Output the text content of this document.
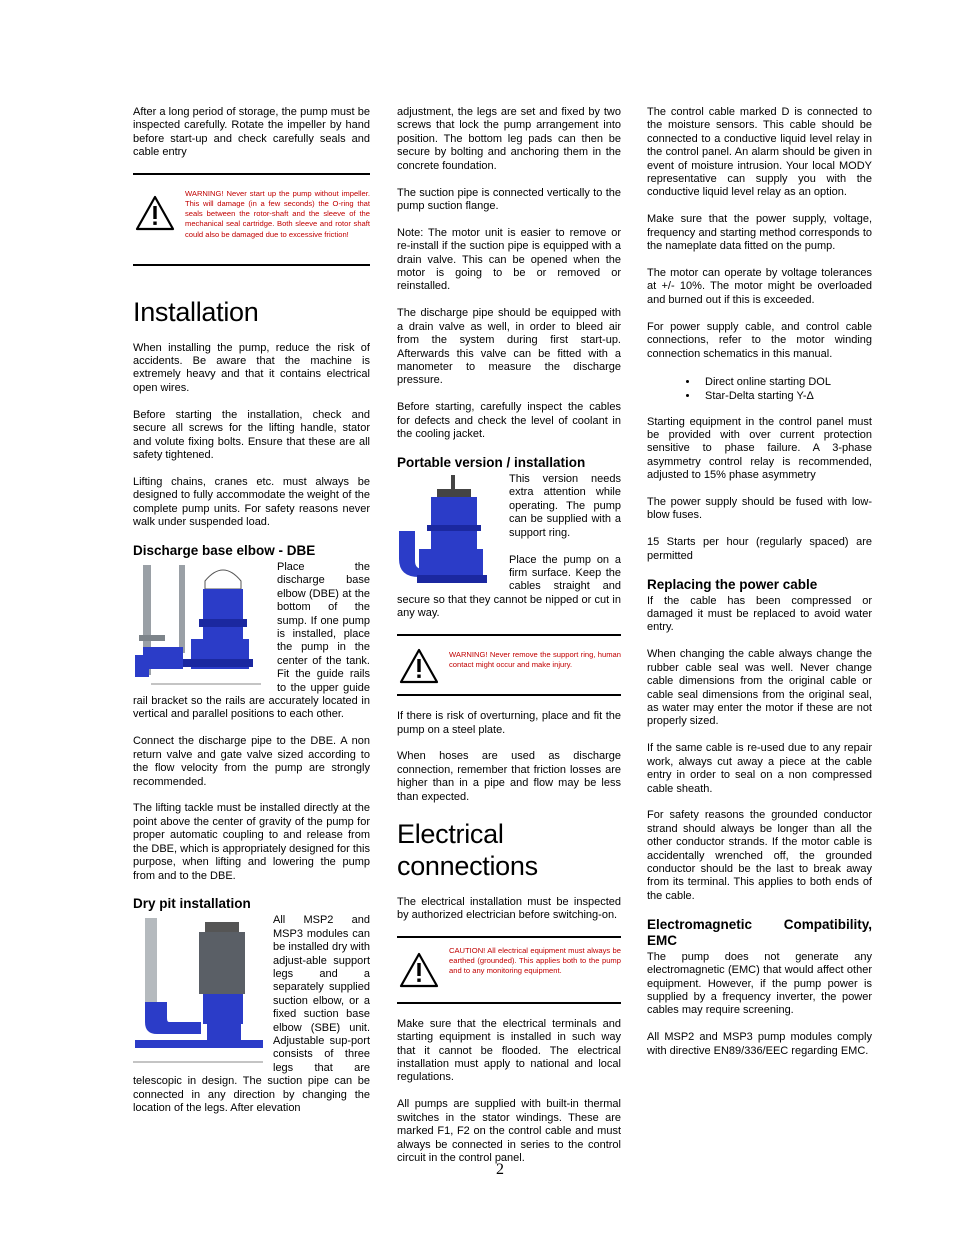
After a long period of storage, the pump must be inspected carefully. Rotate the impeller by hand before start-up and check carefully seals and cable entry

WARNING! Never start up the pump without impeller. This will damage (in a few seconds) the O-ring that seals between the rotor-shaft and the sleeve of the mechanical seal cartridge. Both sleeve and rotor shaft could also be damaged due to excessive friction!
Installation

When installing the pump, reduce the risk of accidents. Be aware that the machine is extremely heavy and that it contains electrical open wires.

Before starting the installation, check and secure all screws for the lifting handle, stator and volute fixing bolts. Ensure that these are all safety tightened.

Lifting chains, cranes etc. must always be designed to fully accommodate the weight of the complete pump units. For safety reasons never walk under suspended load.

Discharge base elbow - DBE

Place the discharge base elbow (DBE) at the bottom of the sump. If one pump is installed, place the pump in the center of the tank. Fit the guide rails to the upper guide rail bracket so the rails are accurately located in vertical and parallel positions to each other.

Connect the discharge pipe to the DBE. A non return valve and gate valve sized according to the flow velocity from the pump are strongly recommended.

The lifting tackle must be installed directly at the point above the center of gravity of the pump for proper automatic coupling to and release from the DBE, which is appropriately designed for this purpose, when lifting and lowering the pump from and to the DBE.

Dry pit installation

All MSP2 and MSP3 modules can be installed dry with adjust-able support legs and a separately supplied suction elbow, or a fixed suction base elbow (SBE) unit. Adjustable sup-port consists of three legs that are telescopic in design. The suction pipe can be connected in any direction by changing the location of the legs. After elevation

adjustment, the legs are set and fixed by two screws that lock the pump arrangement into position. The bottom leg pads can then be secure by bolting and anchoring them in the concrete foundation.

The suction pipe is connected vertically to the pump suction flange.

Note: The motor unit is easier to remove or re-install if the suction pipe is equipped with a drain valve. This can be opened when the motor is going to be or removed or reinstalled.

The discharge pipe should be equipped with a drain valve as well, in order to bleed air from the system during first start-up. Afterwards this valve can be fitted with a manometer to measure the discharge pressure.

Before starting, carefully inspect the cables for defects and check the level of coolant in the cooling jacket.

Portable version / installation

This version needs extra attention while operating. The pump can be supplied with a support ring.

Place the pump on a firm surface. Keep the cables straight and secure so that they cannot be nipped or cut in any way.

WARNING! Never remove the support ring, human contact might occur and make injury.

If there is risk of overturning, place and fit the pump on a steel plate.

When hoses are used as discharge connection, remember that friction losses are higher than in a pipe and flow may be less than expected.

Electrical connections

The electrical installation must be inspected by authorized electrician before switching-on.

CAUTION! All electrical equipment must always be earthed (grounded). This applies both to the pump and to any monitoring equipment.

Make sure that the electrical terminals and starting equipment is installed in such way that it cannot be flooded. The electrical installation must apply to national and local regulations.

All pumps are supplied with built-in thermal switches in the stator windings. These are marked F1, F2 on the control cable and must always be connected in series to the control circuit in the control panel.

The control cable marked D is connected to the moisture sensors. This cable should be connected to a conductive liquid level relay in the control panel. An alarm should be given in event of moisture intrusion. Your local MODY representative can supply you with the conductive liquid level relay as an option.

Make sure that the power supply, voltage, frequency and starting method corresponds to the nameplate data fitted on the pump.

The motor can operate by voltage tolerances at +/- 10%. The motor might be overloaded and burned out if this is exceeded.

For power supply cable, and control cable connections, refer to the motor winding connection schematics in this manual.

• Direct online starting DOL
• Star-Delta starting Y-Δ

Starting equipment in the control panel must be provided with over current protection sensitive to phase failure. A 3-phase asymmetry control relay is recommended, adjusted to 15% phase asymmetry

The power supply should be fused with low-blow fuses.

15 Starts per hour (regularly spaced) are permitted

Replacing the power cable

If the cable has been compressed or damaged it must be replaced to avoid water entry.

When changing the cable always change the rubber cable seal was well. Never change cable dimensions from the original cable or cable seal dimensions from the original seal, as water may enter the motor if these are not properly sized.

If the same cable is re-used due to any repair work, always cut away a piece at the cable entry in order to seal on a non compressed cable sheath.

For safety reasons the grounded conductor strand should always be longer than all the other conductor strands. If the motor cable is accidentally wrenched off, the grounded conductor should be the last to break away from its terminal. This applies to both ends of the cable.

Electromagnetic Compatibility, EMC

The pump does not generate any electromagnetic (EMC) that would affect other equipment. However, if the pump power is supplied by a frequency inverter, the power cables may require screening.

All MSP2 and MSP3 pump modules comply with directive EN89/336/EEC regarding EMC.

2
